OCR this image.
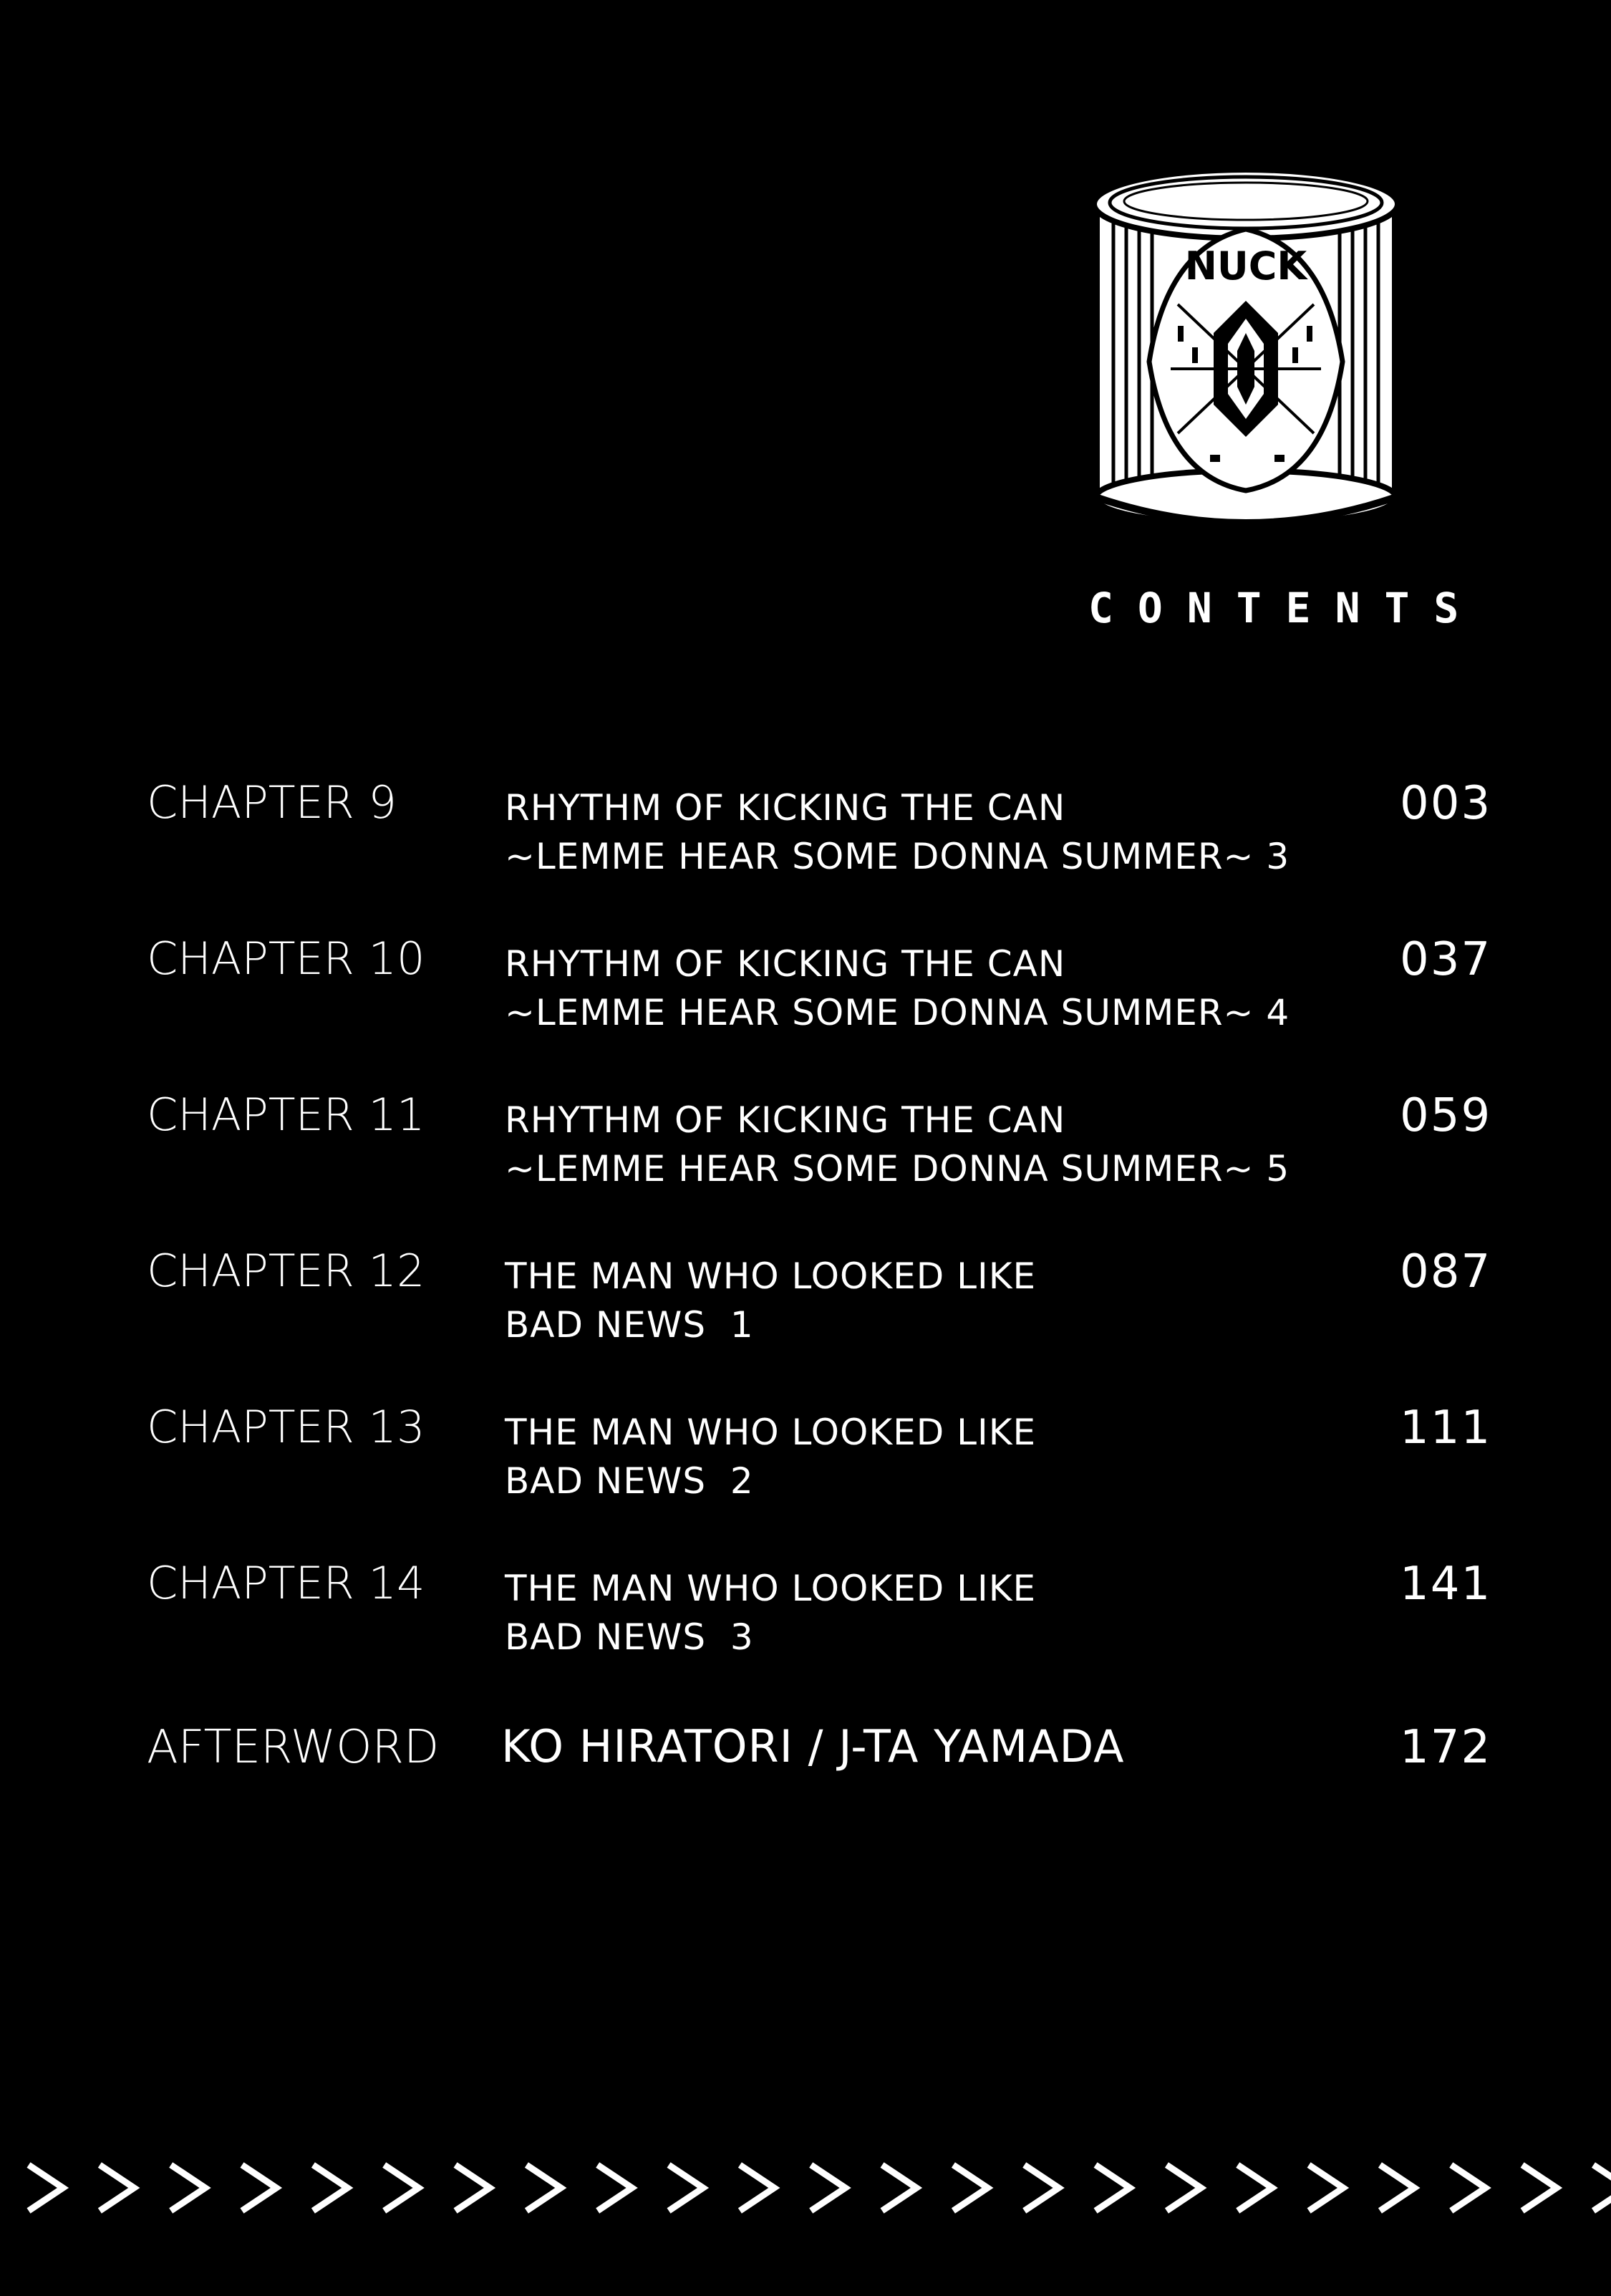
NUCK
CONTENTS
CHAPTER 9	RHYTHM OF KICKING THE CAN
~LEMME HEAR SOME DONNA SUMMER~ 3
003
CHAPTER 10 RHYTHM OF KICKING THE CAN
~LEMME HEAR SOME DONNA SUMMER~ 4
037
CHAPTER 11 RHYTHM OF KICKING THE CAN
~LEMME HEAR SOME DONNA SUMMER~ 5
059
CHAPTER 12 THE MAN WHO LOOKED LIKE
BAD NEWS  1
087
CHAPTER 13 THE MAN WHO LOOKED LIKE
BAD NEWS  2
111
CHAPTER 14 THE MAN WHO LOOKED LIKE
BAD NEWS  3
141
AFTERWORD KO HIRATORI / J-TA YAMADA	172
